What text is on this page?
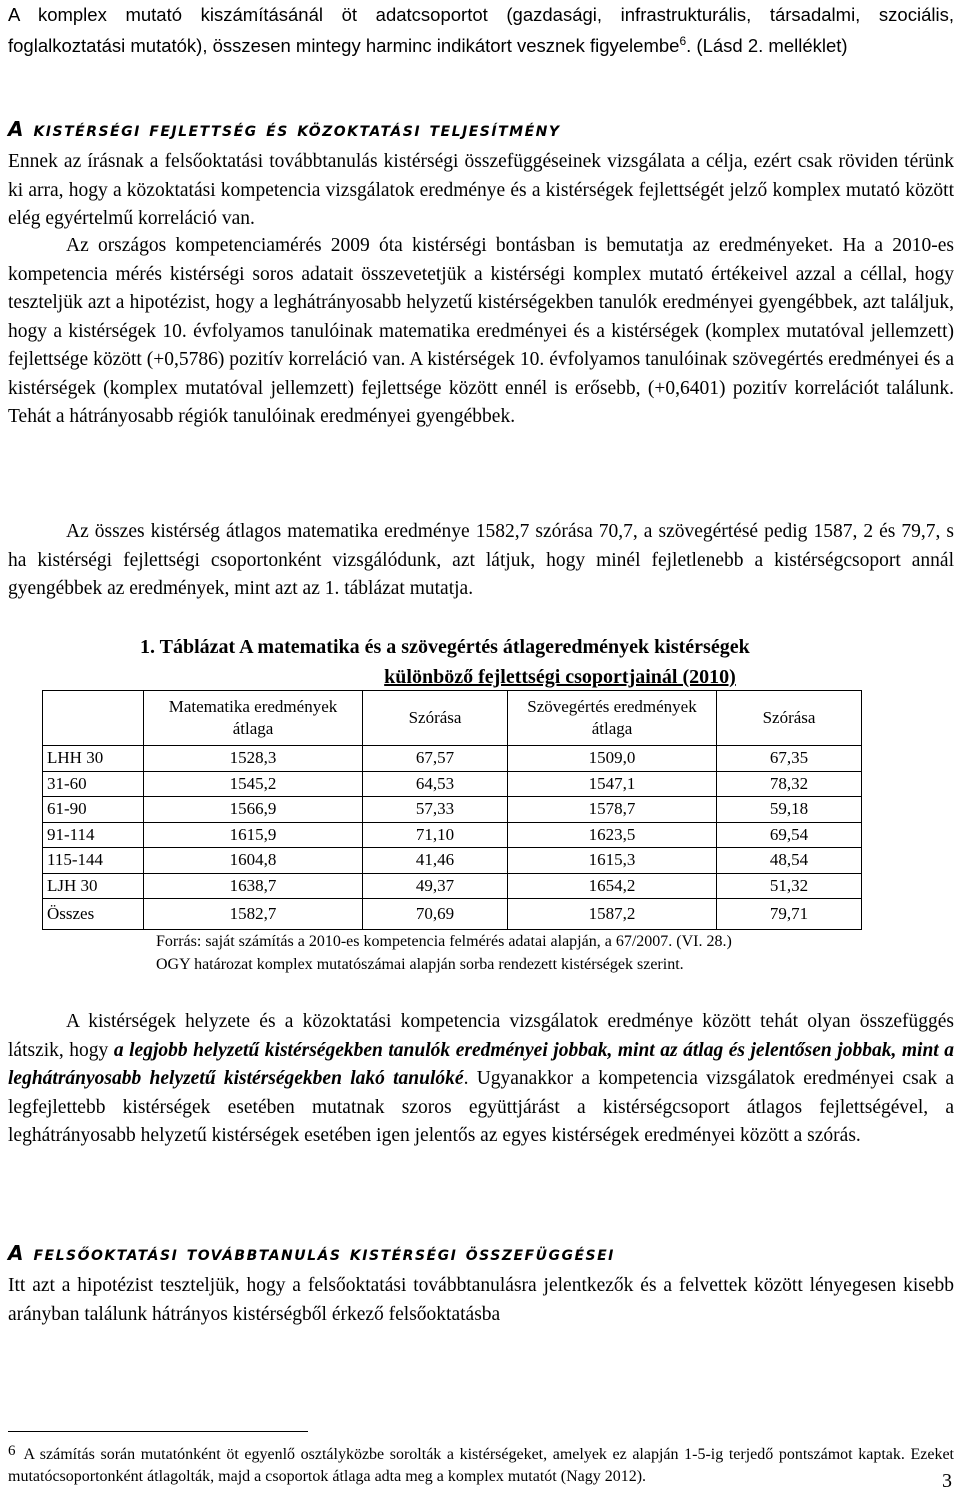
A komplex mutató kiszámításánál öt adatcsoportot (gazdasági, infrastrukturális, társadalmi, szociális, foglalkoztatási mutatók), összesen mintegy harminc indikátort vesznek figyelembe$^6$. (Lásd 2. melléklet)

A kistérségi fejlettség és közoktatási teljesítmény

Ennek az írásnak a felsőoktatási továbbtanulás kistérségi összefüggéseinek vizsgálata a célja, ezért csak röviden térünk ki arra, hogy a közoktatási kompetencia vizsgálatok eredménye és a kistérségek fejlettségét jelző komplex mutató között elég egyértelmű korreláció van.

Az országos kompetenciamérés 2009 óta kistérségi bontásban is bemutatja az eredményeket. Ha a 2010-es kompetencia mérés kistérségi soros adatait összevetetjük a kistérségi komplex mutató értékeivel azzal a céllal, hogy teszteljük azt a hipotézist, hogy a leghátrányosabb helyzetű kistérségekben tanulók eredményei gyengébbek, azt találjuk, hogy a kistérségek 10. évfolyamos tanulóinak matematika eredményei és a kistérségek (komplex mutatóval jellemzett) fejlettsége között (+0,5786) pozitív korreláció van. A kistérségek 10. évfolyamos tanulóinak szövegértés eredményei és a kistérségek (komplex mutatóval jellemzett) fejlettsége között ennél is erősebb, (+0,6401) pozitív korrelációt találunk. Tehát a hátrányosabb régiók tanulóinak eredményei gyengébbek.

Az összes kistérség átlagos matematika eredménye 1582,7 szórása 70,7, a szövegértésé pedig 1587, 2 és 79,7, s ha kistérségi fejlettségi csoportonként vizsgálódunk, azt látjuk, hogy minél fejletlenebb a kistérségcsoport annál gyengébbek az eredmények, mint azt az 1. táblázat mutatja.

1. Táblázat A matematika és a szövegértés átlageredmények kistérségek
különböző fejlettségi csoportjainál (2010)
	Matematika eredmények átlaga	Szórása	Szövegértés eredmények átlaga	Szórása
LHH 30	1528,3	67,57	1509,0	67,35
31-60	1545,2	64,53	1547,1	78,32
61-90	1566,9	57,33	1578,7	59,18
91-114	1615,9	71,10	1623,5	69,54
115-144	1604,8	41,46	1615,3	48,54
LJH 30	1638,7	49,37	1654,2	51,32
Összes	1582,7	70,69	1587,2	79,71
Forrás: saját számítás a 2010-es kompetencia felmérés adatai alapján, a 67/2007. (VI. 28.)
OGY határozat komplex mutatószámai alapján sorba rendezett kistérségek szerint.

A kistérségek helyzete és a közoktatási kompetencia vizsgálatok eredménye között tehát olyan összefüggés látszik, hogy a legjobb helyzetű kistérségekben tanulók eredményei jobbak, mint az átlag és jelentősen jobbak, mint a leghátrányosabb helyzetű kistérségekben lakó tanulóké. Ugyanakkor a kompetencia vizsgálatok eredményei csak a legfejlettebb kistérségek esetében mutatnak szoros együttjárást a kistérségcsoport átlagos fejlettségével, a leghátrányosabb helyzetű kistérségek esetében igen jelentős az egyes kistérségek eredményei között a szórás.

A felsőoktatási továbbtanulás kistérségi összefüggései

Itt azt a hipotézist teszteljük, hogy a felsőoktatási továbbtanulásra jelentkezők és a felvettek között lényegesen kisebb arányban találunk hátrányos kistérségből érkező felsőoktatásba

6 A számítás során mutatónként öt egyenlő osztályközbe sorolták a kistérségeket, amelyek ez alapján 1-5-ig terjedő pontszámot kaptak. Ezeket mutatócsoportonként átlagolták, majd a csoportok átlaga adta meg a komplex mutatót (Nagy 2012).	3
